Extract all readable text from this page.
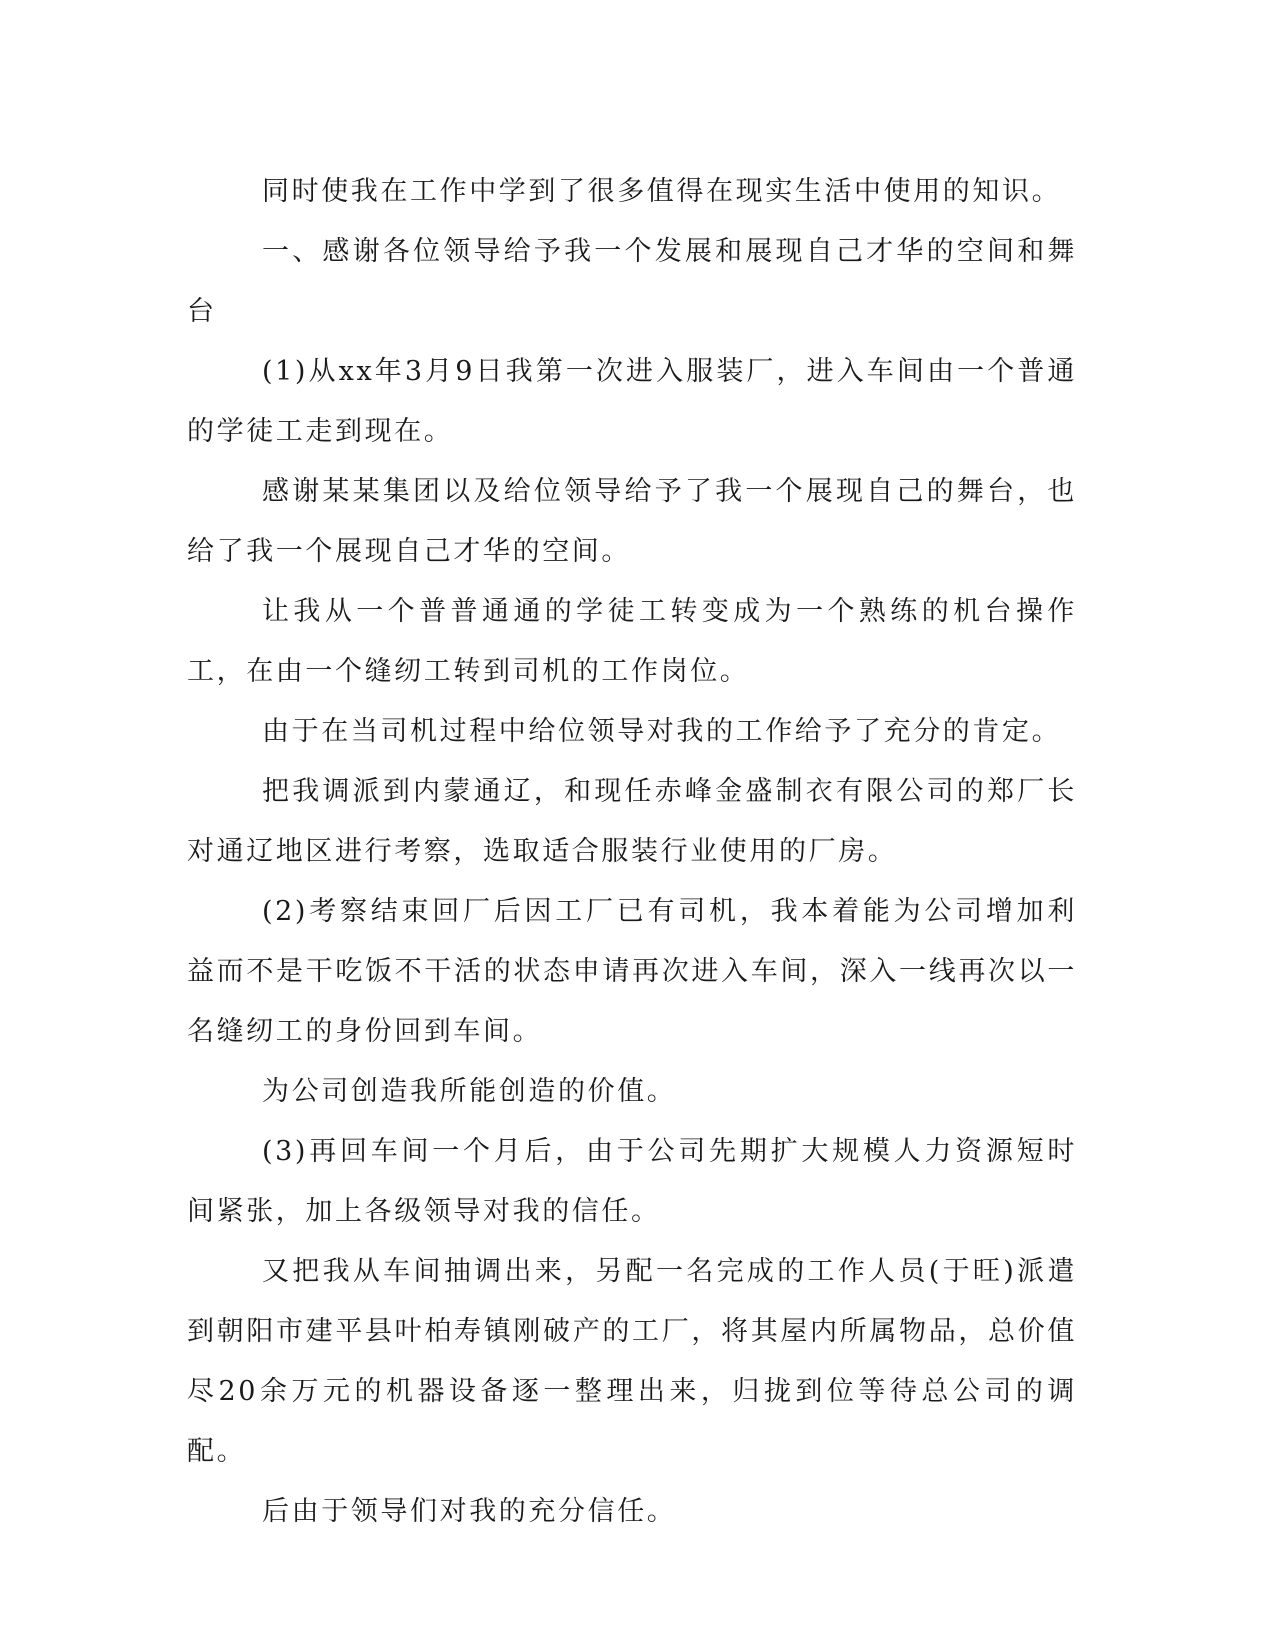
同时使我在工作中学到了很多值得在现实生活中使用的知识。

一、感谢各位领导给予我一个发展和展现自己才华的空间和舞台

(1)从xx年3月9日我第一次进入服装厂，进入车间由一个普通的学徒工走到现在。

感谢某某集团以及给位领导给予了我一个展现自己的舞台，也给了我一个展现自己才华的空间。

让我从一个普普通通的学徒工转变成为一个熟练的机台操作工，在由一个缝纫工转到司机的工作岗位。

由于在当司机过程中给位领导对我的工作给予了充分的肯定。

把我调派到内蒙通辽，和现任赤峰金盛制衣有限公司的郑厂长对通辽地区进行考察，选取适合服装行业使用的厂房。

(2)考察结束回厂后因工厂已有司机，我本着能为公司增加利益而不是干吃饭不干活的状态申请再次进入车间，深入一线再次以一名缝纫工的身份回到车间。

为公司创造我所能创造的价值。

(3)再回车间一个月后，由于公司先期扩大规模人力资源短时间紧张，加上各级领导对我的信任。

又把我从车间抽调出来，另配一名完成的工作人员(于旺)派遣到朝阳市建平县叶柏寿镇刚破产的工厂，将其屋内所属物品，总价值尽20余万元的机器设备逐一整理出来，归拢到位等待总公司的调配。

后由于领导们对我的充分信任。
